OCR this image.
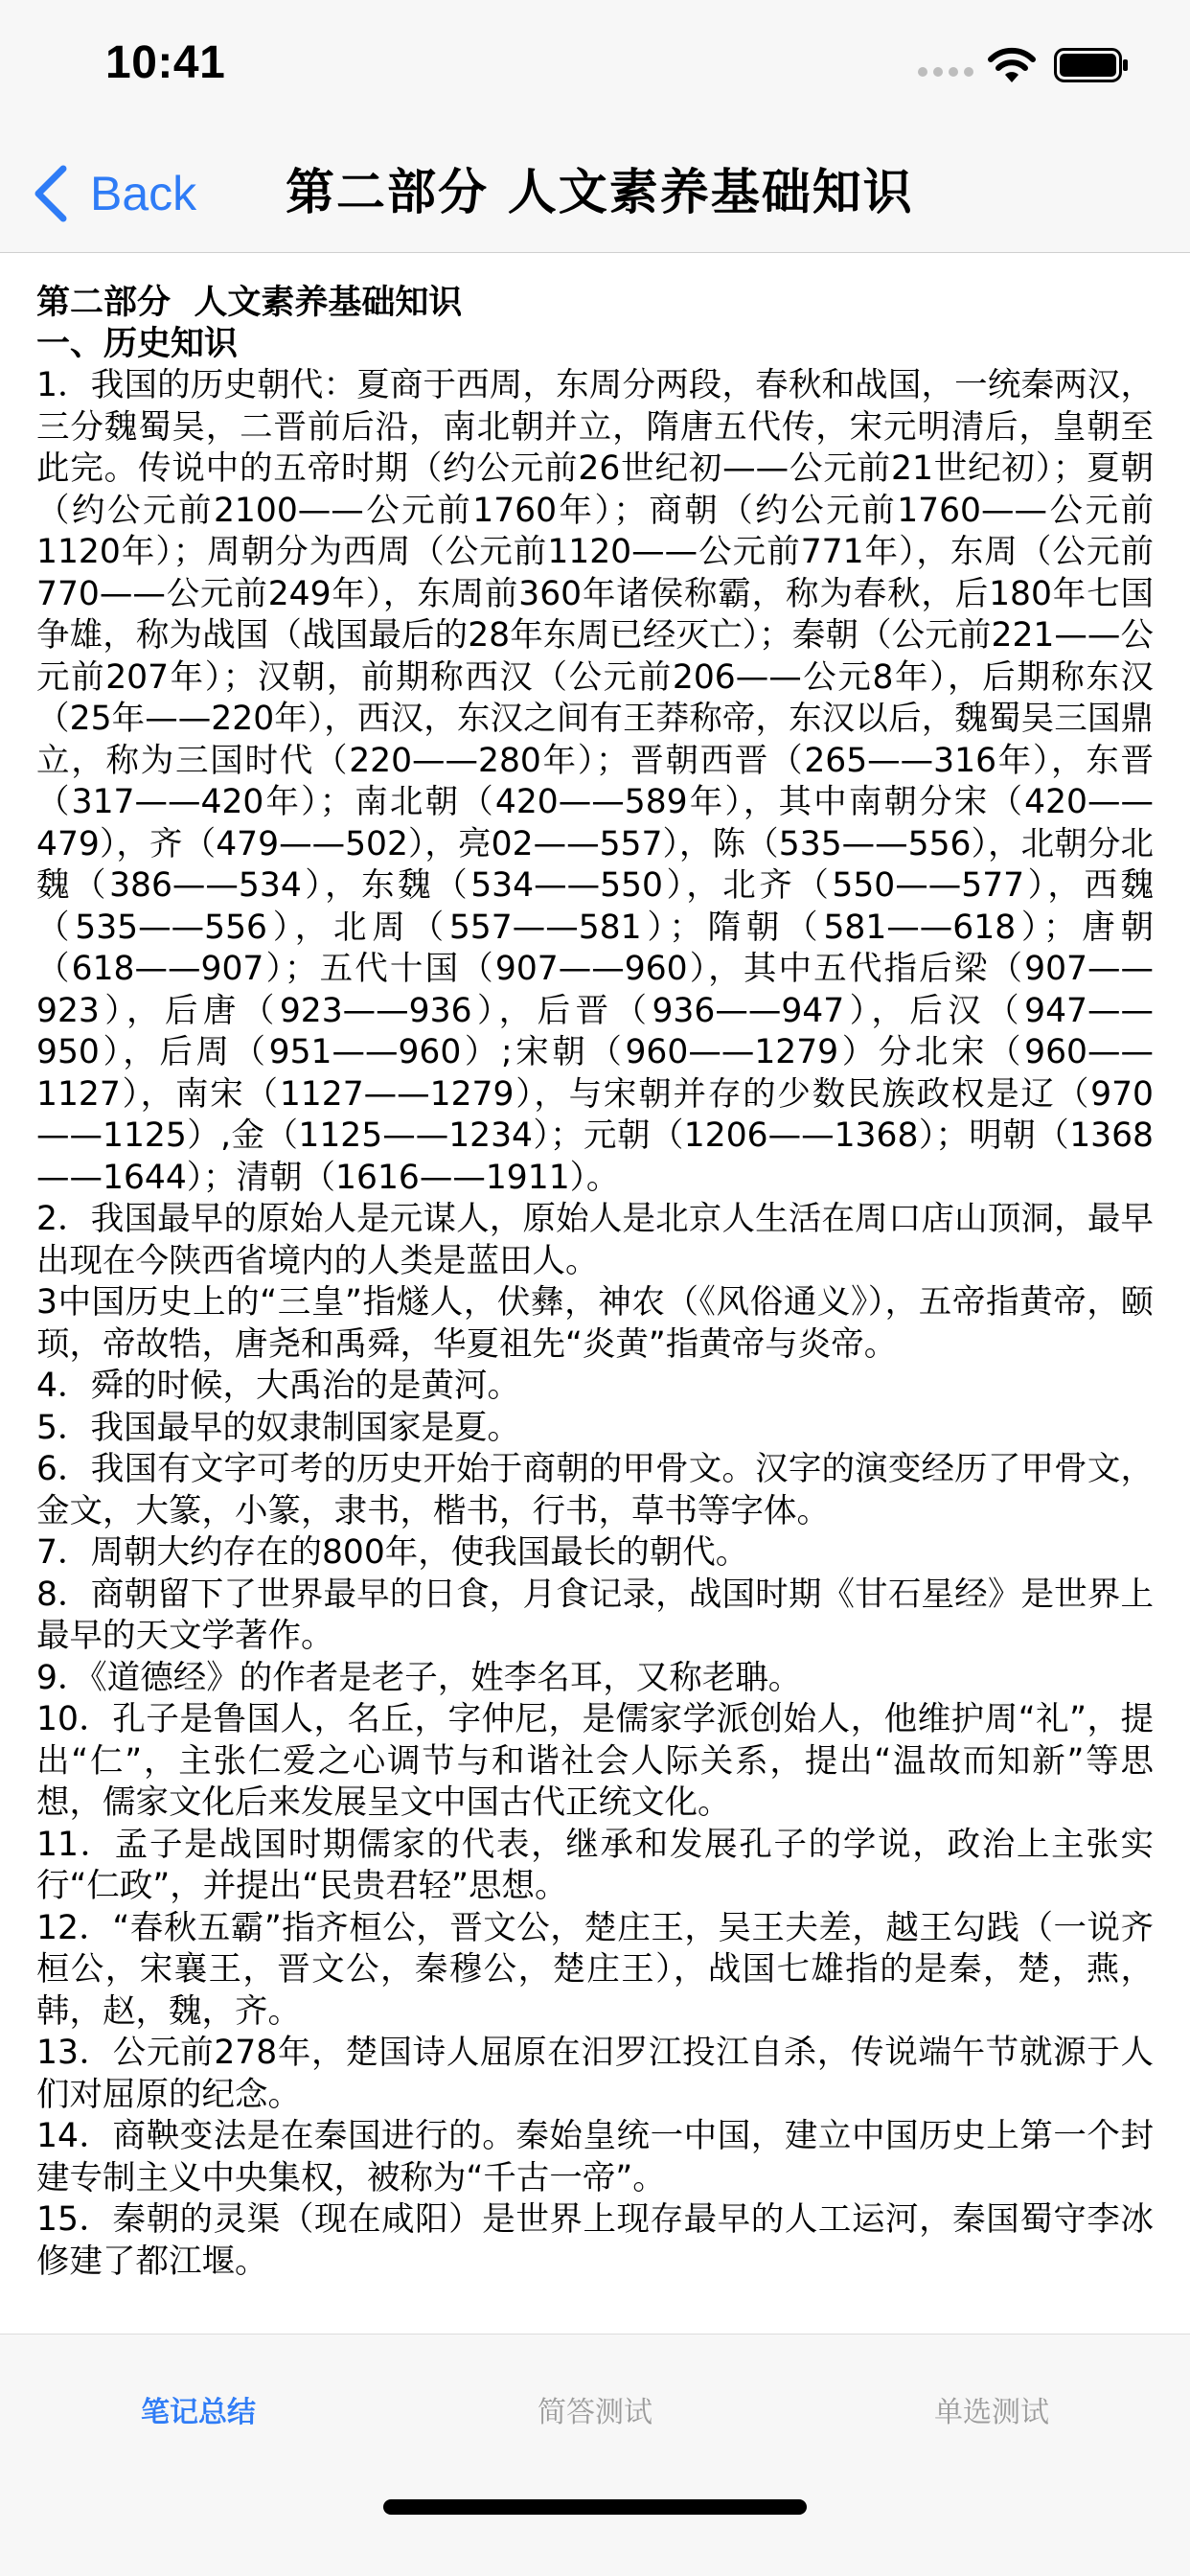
10:41
Back 第二部分 人文素养基础知识
第二部分  人文素养基础知识
一、历史知识
1．我国的历史朝代：夏商于西周，东周分两段，春秋和战国，一统秦两汉，三分魏蜀吴，二晋前后沿，南北朝并立，隋唐五代传，宋元明清后，皇朝至此完。传说中的五帝时期（约公元前26世纪初——公元前21世纪初）；夏朝（约公元前2100——公元前1760年）；商朝（约公元前1760——公元前1120年）；周朝分为西周（公元前1120——公元前771年），东周（公元前770——公元前249年），东周前360年诸侯称霸，称为春秋，后180年七国争雄，称为战国（战国最后的28年东周已经灭亡）；秦朝（公元前221——公元前207年）；汉朝，前期称西汉（公元前206——公元8年），后期称东汉（25年——220年），西汉，东汉之间有王莽称帝，东汉以后，魏蜀吴三国鼎立，称为三国时代（220——280年）；晋朝西晋（265——316年），东晋（317——420年）；南北朝（420——589年），其中南朝分宋（420——479），齐（479——502），亮02——557），陈（535——556），北朝分北魏（386——534），东魏（534——550），北齐（550——577），西魏（535——556），北周（557——581）；隋朝（581——618）；唐朝（618——907）；五代十国（907——960），其中五代指后梁（907——923），后唐（923——936），后晋（936——947），后汉（947——950），后周（951——960）;宋朝（960——1279）分北宋（960——1127），南宋（1127——1279），与宋朝并存的少数民族政权是辽（970——1125）,金（1125——1234）；元朝（1206——1368）；明朝（1368——1644）；清朝（1616——1911）。
2．我国最早的原始人是元谋人，原始人是北京人生活在周口店山顶洞，最早出现在今陕西省境内的人类是蓝田人。
3中国历史上的“三皇”指燧人，伏彝，神农（《风俗通义》），五帝指黄帝，颐顼，帝故牿，唐尧和禹舜，华夏祖先“炎黄”指黄帝与炎帝。
4．舜的时候，大禹治的是黄河。
5．我国最早的奴隶制国家是夏。
6．我国有文字可考的历史开始于商朝的甲骨文。汉字的演变经历了甲骨文，金文，大篆，小篆，隶书，楷书，行书，草书等字体。
7．周朝大约存在的800年，使我国最长的朝代。
8．商朝留下了世界最早的日食，月食记录，战国时期《甘石星经》是世界上最早的天文学著作。
9．《道德经》的作者是老子，姓李名耳，又称老聃。
10．孔子是鲁国人，名丘，字仲尼，是儒家学派创始人，他维护周“礼”，提出“仁”，主张仁爱之心调节与和谐社会人际关系，提出“温故而知新”等思想，儒家文化后来发展呈文中国古代正统文化。
11．孟子是战国时期儒家的代表，继承和发展孔子的学说，政治上主张实行“仁政”，并提出“民贵君轻”思想。
12．“春秋五霸”指齐桓公，晋文公，楚庄王，吴王夫差，越王勾践（一说齐桓公，宋襄王，晋文公，秦穆公，楚庄王），战国七雄指的是秦，楚，燕，韩，赵，魏，齐。
13．公元前278年，楚国诗人屈原在汨罗江投江自杀，传说端午节就源于人们对屈原的纪念。
14．商鞅变法是在秦国进行的。秦始皇统一中国，建立中国历史上第一个封建专制主义中央集权，被称为“千古一帝”。
15．秦朝的灵渠（现在咸阳）是世界上现存最早的人工运河，秦国蜀守李冰修建了都江堰。
笔记总结	简答测试	单选测试
